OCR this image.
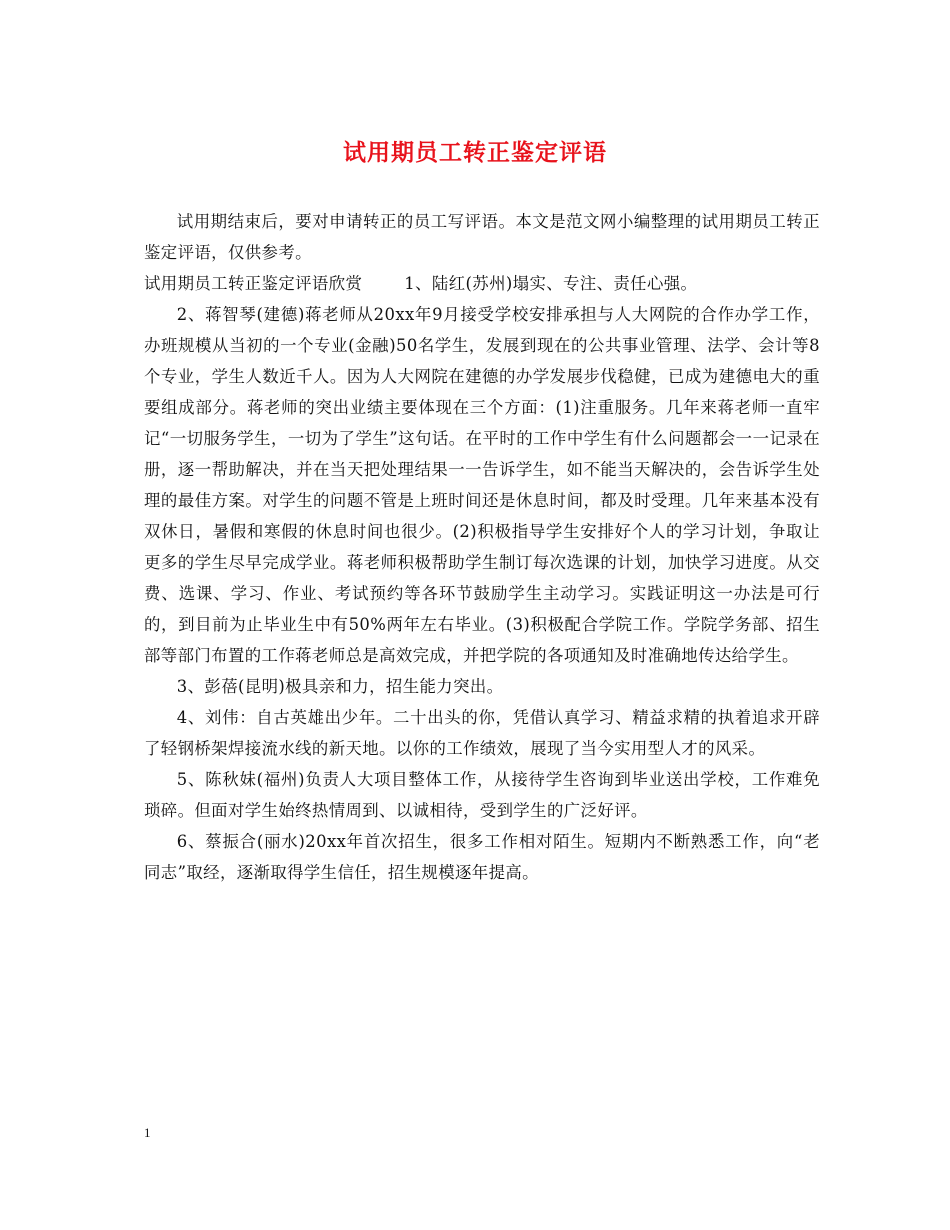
试用期员工转正鉴定评语

试用期结束后，要对申请转正的员工写评语。本文是范文网小编整理的试用期员工转正鉴定评语，仅供参考。

试用期员工转正鉴定评语欣赏	1、陆红(苏州)塌实、专注、责任心强。

2、蒋智琴(建德)蒋老师从20xx年9月接受学校安排承担与人大网院的合作办学工作，办班规模从当初的一个专业(金融)50名学生，发展到现在的公共事业管理、法学、会计等8个专业，学生人数近千人。因为人大网院在建德的办学发展步伐稳健，已成为建德电大的重要组成部分。蒋老师的突出业绩主要体现在三个方面：(1)注重服务。几年来蒋老师一直牢记“一切服务学生，一切为了学生”这句话。在平时的工作中学生有什么问题都会一一记录在册，逐一帮助解决，并在当天把处理结果一一告诉学生，如不能当天解决的，会告诉学生处理的最佳方案。对学生的问题不管是上班时间还是休息时间，都及时受理。几年来基本没有双休日，暑假和寒假的休息时间也很少。(2)积极指导学生安排好个人的学习计划，争取让更多的学生尽早完成学业。蒋老师积极帮助学生制订每次选课的计划，加快学习进度。从交费、选课、学习、作业、考试预约等各环节鼓励学生主动学习。实践证明这一办法是可行的，到目前为止毕业生中有50%两年左右毕业。(3)积极配合学院工作。学院学务部、招生部等部门布置的工作蒋老师总是高效完成，并把学院的各项通知及时准确地传达给学生。

3、彭蓓(昆明)极具亲和力，招生能力突出。

4、刘伟：自古英雄出少年。二十出头的你，凭借认真学习、精益求精的执着追求开辟了轻钢桥架焊接流水线的新天地。以你的工作绩效，展现了当今实用型人才的风采。

5、陈秋妹(福州)负责人大项目整体工作，从接待学生咨询到毕业送出学校，工作难免琐碎。但面对学生始终热情周到、以诚相待，受到学生的广泛好评。

6、蔡振合(丽水)20xx年首次招生，很多工作相对陌生。短期内不断熟悉工作，向“老同志”取经，逐渐取得学生信任，招生规模逐年提高。

1
